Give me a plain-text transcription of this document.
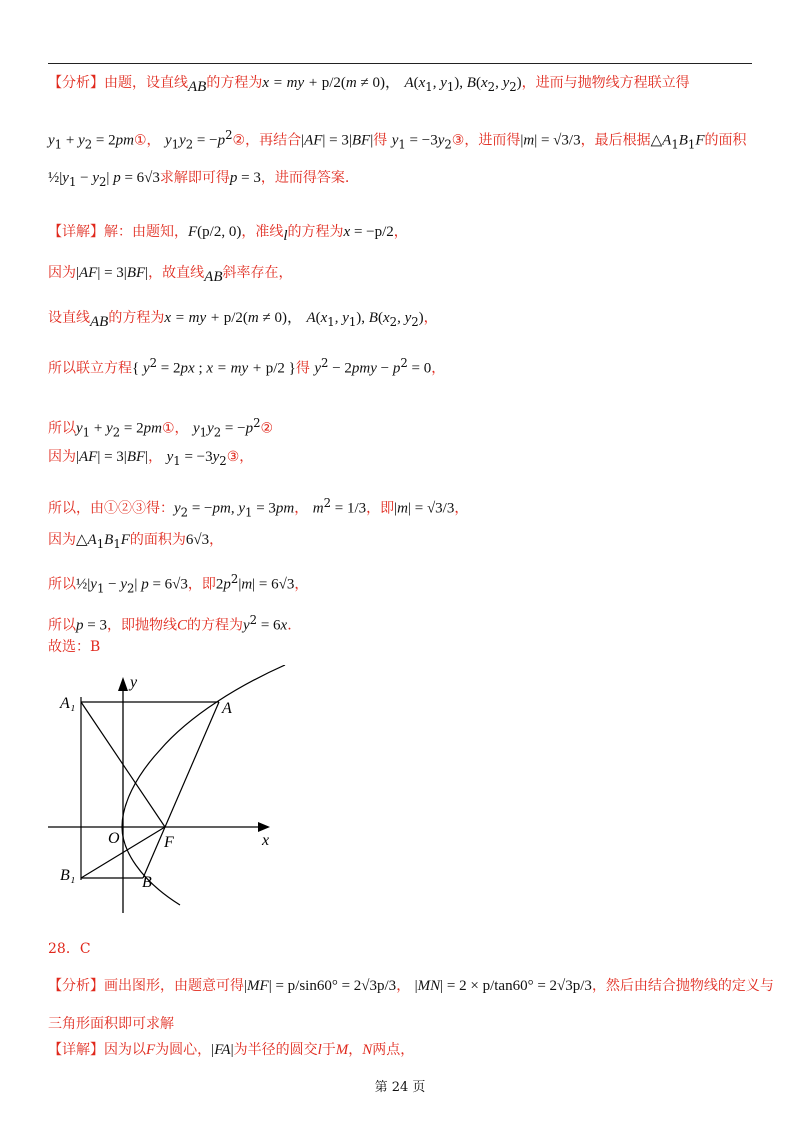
【分析】由题，设直线$_{AB}$的方程为x = my + p/2(m ≠ 0)， $A(x_1$, $y_1$), $B(x_2$, $y_2$)，进而与抛物线方程联立得
$y_1 + y_2$ = 2pm①， $y_1y_2$ = $-p^2②$，再结合|AF| = 3|BF|得 $y_1$ = $-3y_2③$，进而得|m| = √3/3，最后根据$\triangle A_1B_1F$的面积
$\frac{1}{2}|y_1 - y_2|$ p = 6√3求解即可得p = 3，进而得答案.
【详解】解：由题知，F(p/2, 0)，准线$_l$的方程为x = −p/2，
因为|AF| = 3|BF|，故直线$_{AB}$斜率存在，
设直线$_{AB}$的方程为x = my + p/2(m ≠ 0)， $A(x_1$, $y_1$), $B(x_2$, $y_2$)，
所以联立方程{ $y^2 = 2px$ ; x = my + p/2 }得 $y^2 - 2pmy - p^2 = 0$，
所以$y_1 + y_2$ = 2pm①， $y_1y_2$ = $-p^2②$
因为|AF| = 3|BF|， $y_1$ = $-3y_2③$，
所以，由①②③得：$y_2 = -pm$, $y_1 = 3pm$， $m^2 = 1/3$，即|m| = √3/3，
因为$\triangle A_1B_1F$的面积为6√3，
所以$\frac{1}{2}|y_1 - y_2|$ p = 6√3，即$2p^2|m| = 6√3$，
所以p = 3，即抛物线C的方程为$y^2 = 6x$.
故选：B
y
x
O	F
A
A₁
B
B₁
28．C
【分析】画出图形，由题意可得|MF| = p/sin60° = 2√3p/3， |MN| = 2 × p/tan60° = 2√3p/3，然后由结合抛物线的定义与
三角形面积即可求解
【详解】因为以F为圆心，|FA|为半径的圆交l于M，N两点，
第 24 页
